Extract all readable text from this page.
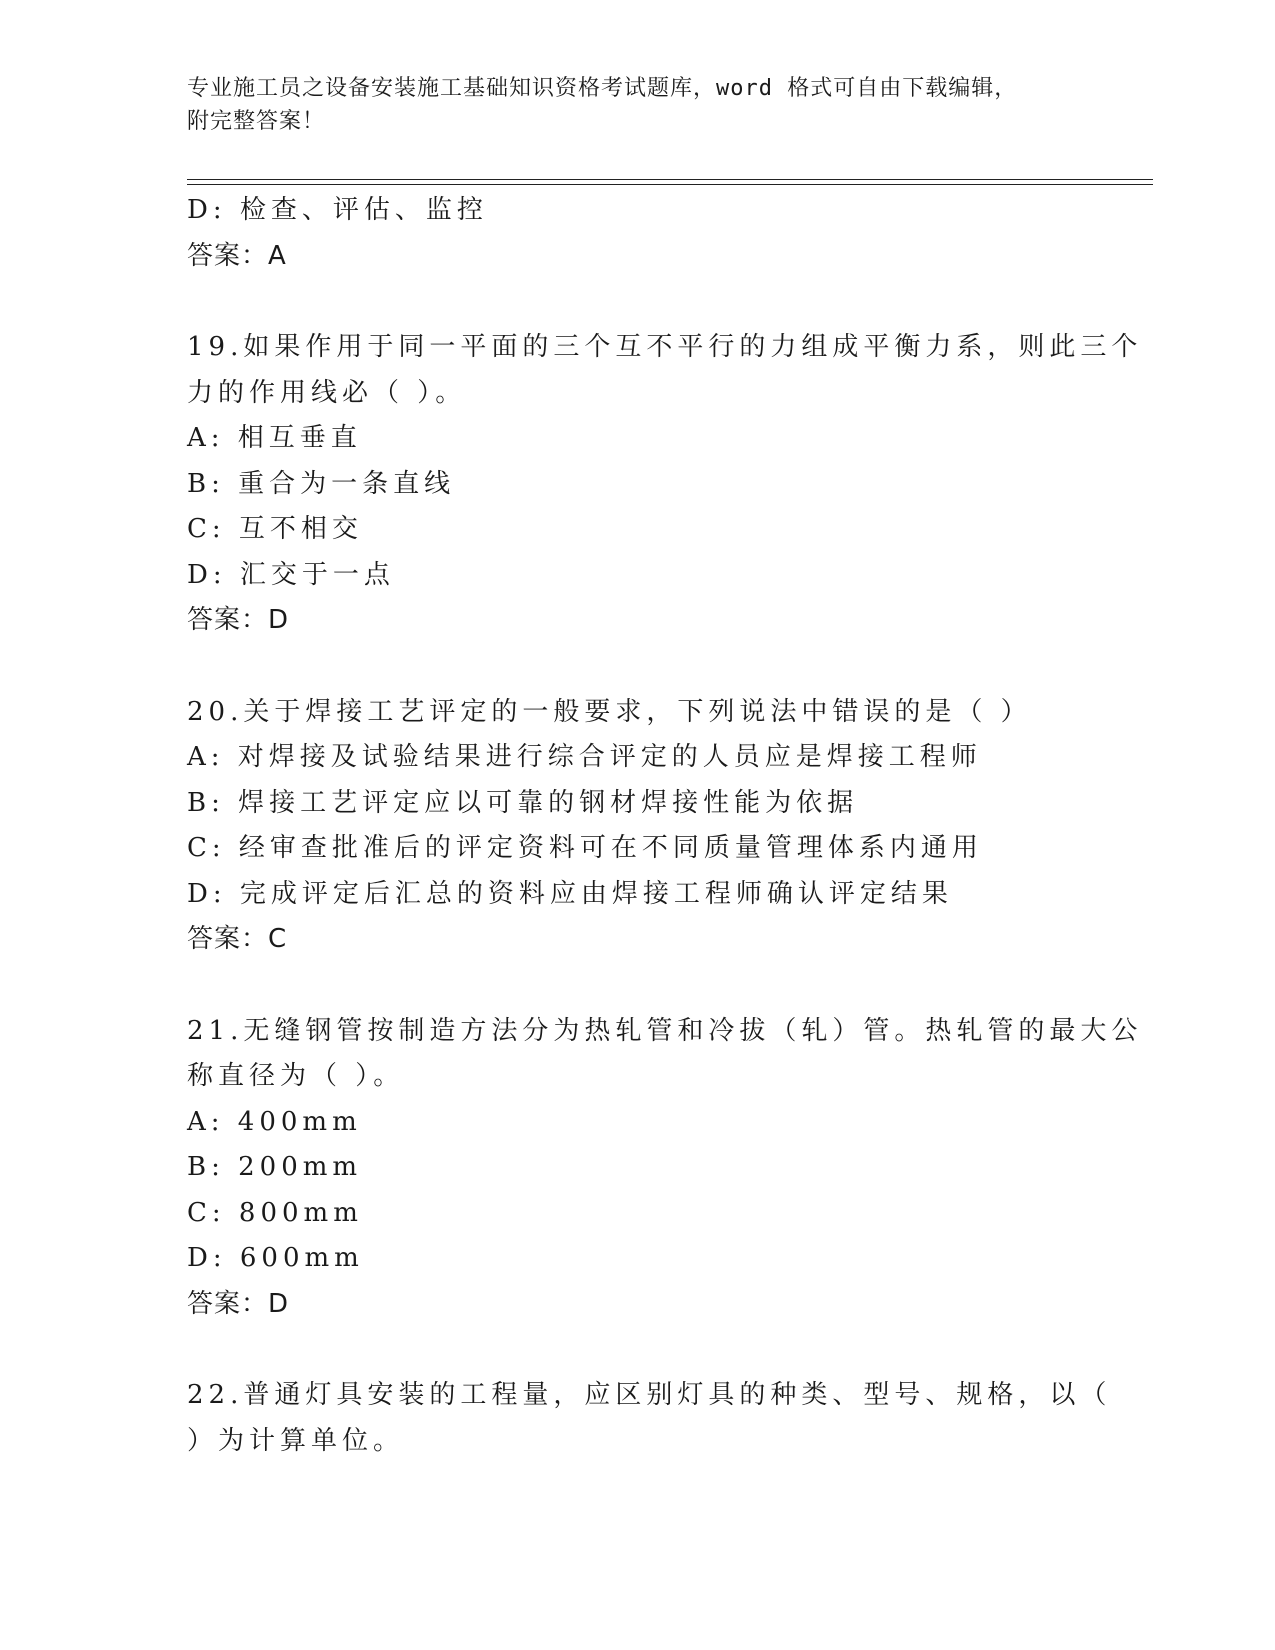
专业施工员之设备安装施工基础知识资格考试题库，word 格式可自由下载编辑，
附完整答案！
D: 检查、评估、监控
答案：A
19.如果作用于同一平面的三个互不平行的力组成平衡力系，则此三个
力的作用线必（ ）。
A: 相互垂直
B: 重合为一条直线
C: 互不相交
D: 汇交于一点
答案：D
20.关于焊接工艺评定的一般要求，下列说法中错误的是（ ）
A: 对焊接及试验结果进行综合评定的人员应是焊接工程师
B: 焊接工艺评定应以可靠的钢材焊接性能为依据
C: 经审查批准后的评定资料可在不同质量管理体系内通用
D: 完成评定后汇总的资料应由焊接工程师确认评定结果
答案：C
21.无缝钢管按制造方法分为热轧管和冷拔（轧）管。热轧管的最大公
称直径为（ ）。
A: 400mm
B: 200mm
C: 800mm
D: 600mm
答案：D
22.普通灯具安装的工程量，应区别灯具的种类、型号、规格，以（
）为计算单位。
